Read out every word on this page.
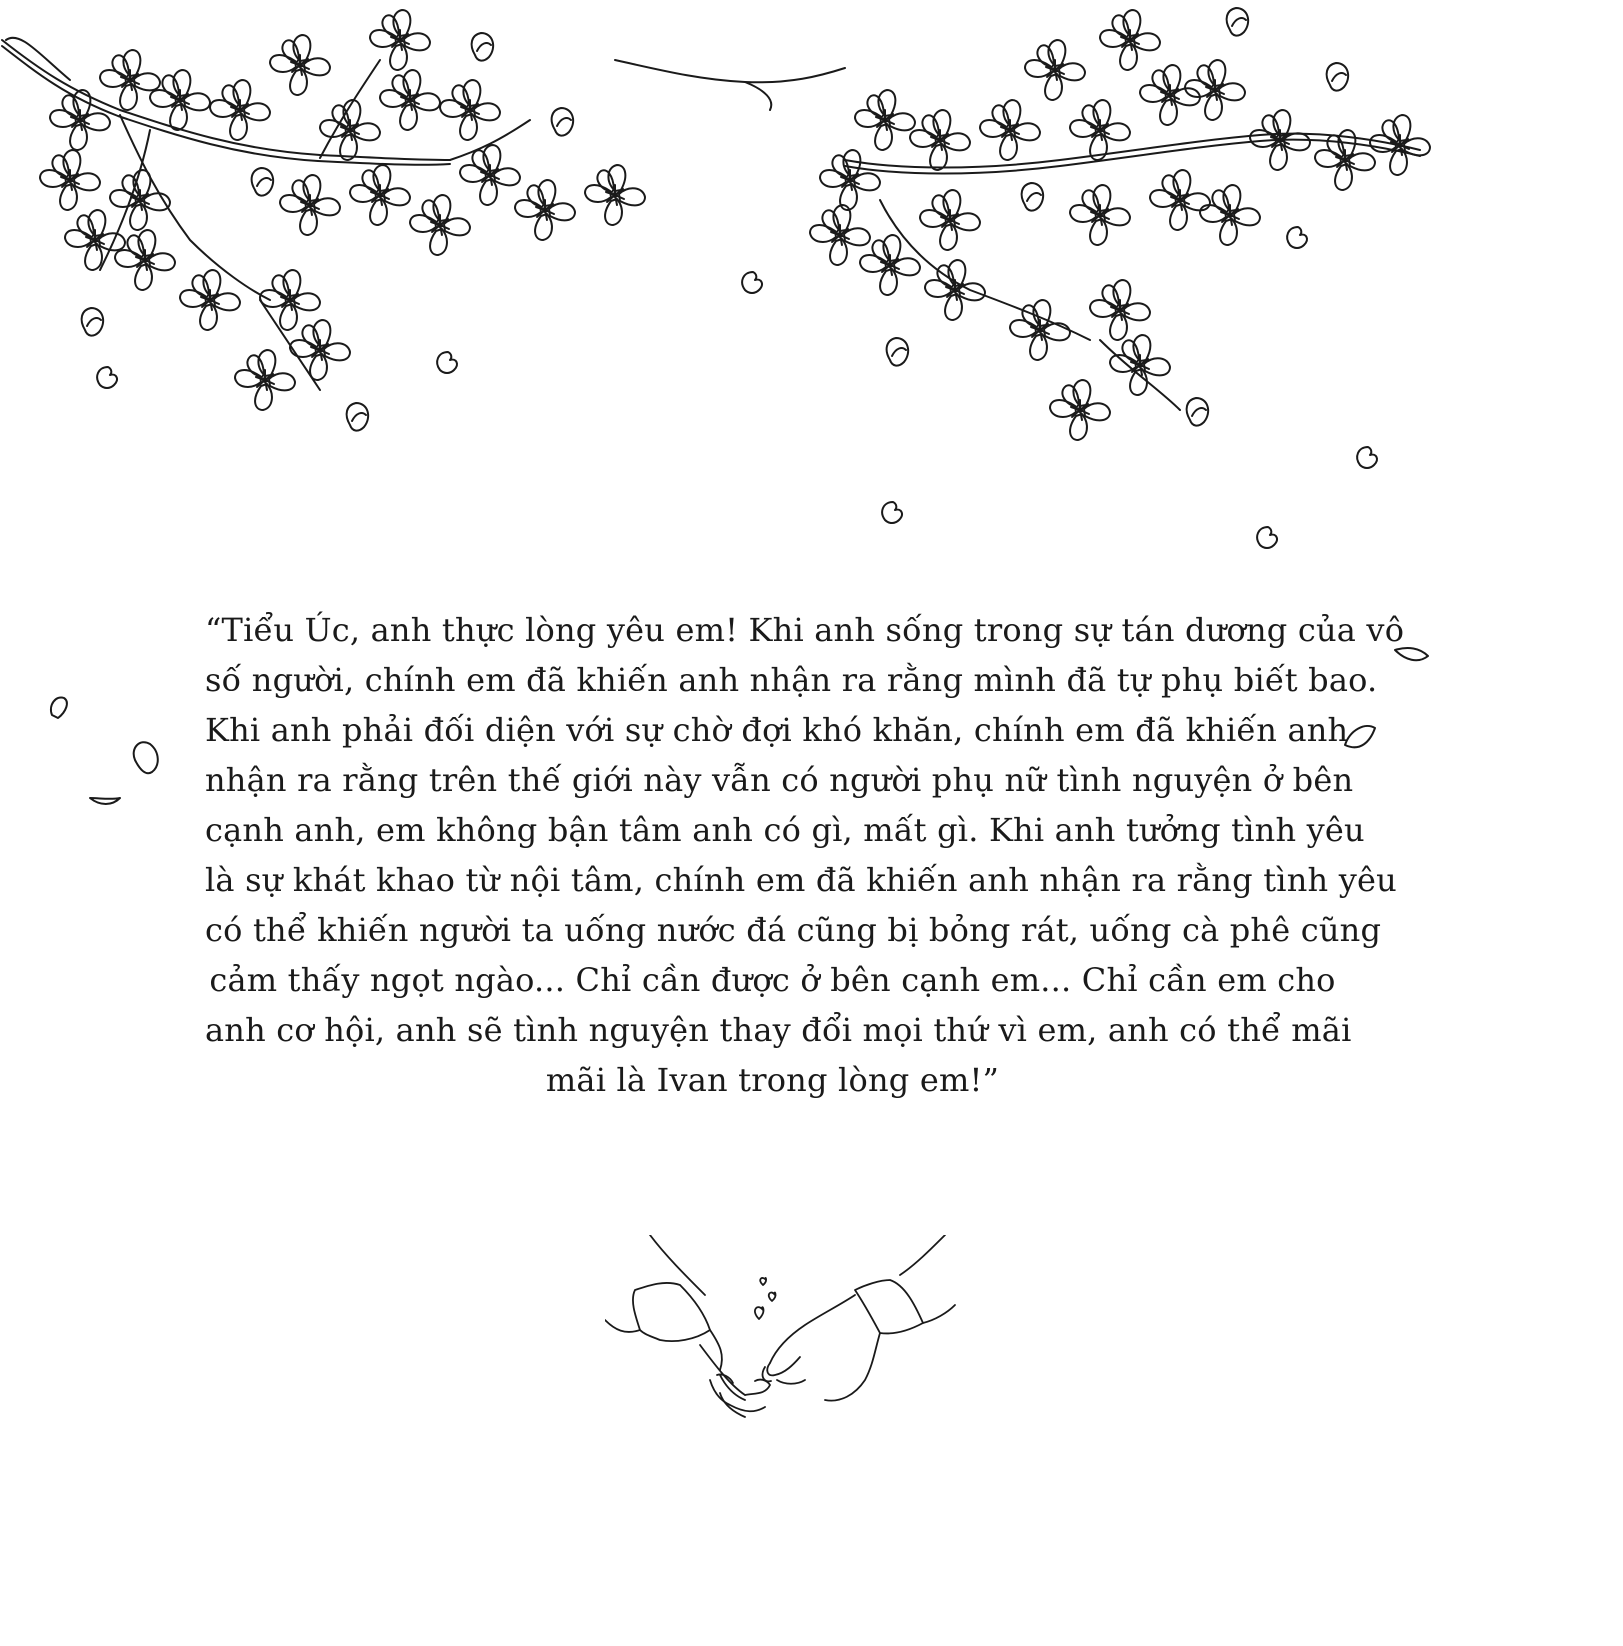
“Tiểu Úc, anh thực lòng yêu em! Khi anh sống trong sự tán dương của vô
số người, chính em đã khiến anh nhận ra rằng mình đã tự phụ biết bao.
Khi anh phải đối diện với sự chờ đợi khó khăn, chính em đã khiến anh
nhận ra rằng trên thế giới này vẫn có người phụ nữ tình nguyện ở bên
cạnh anh, em không bận tâm anh có gì, mất gì. Khi anh tưởng tình yêu
là sự khát khao từ nội tâm, chính em đã khiến anh nhận ra rằng tình yêu
có thể khiến người ta uống nước đá cũng bị bỏng rát, uống cà phê cũng
cảm thấy ngọt ngào... Chỉ cần được ở bên cạnh em... Chỉ cần em cho
anh cơ hội, anh sẽ tình nguyện thay đổi mọi thứ vì em, anh có thể mãi
mãi là Ivan trong lòng em!”
